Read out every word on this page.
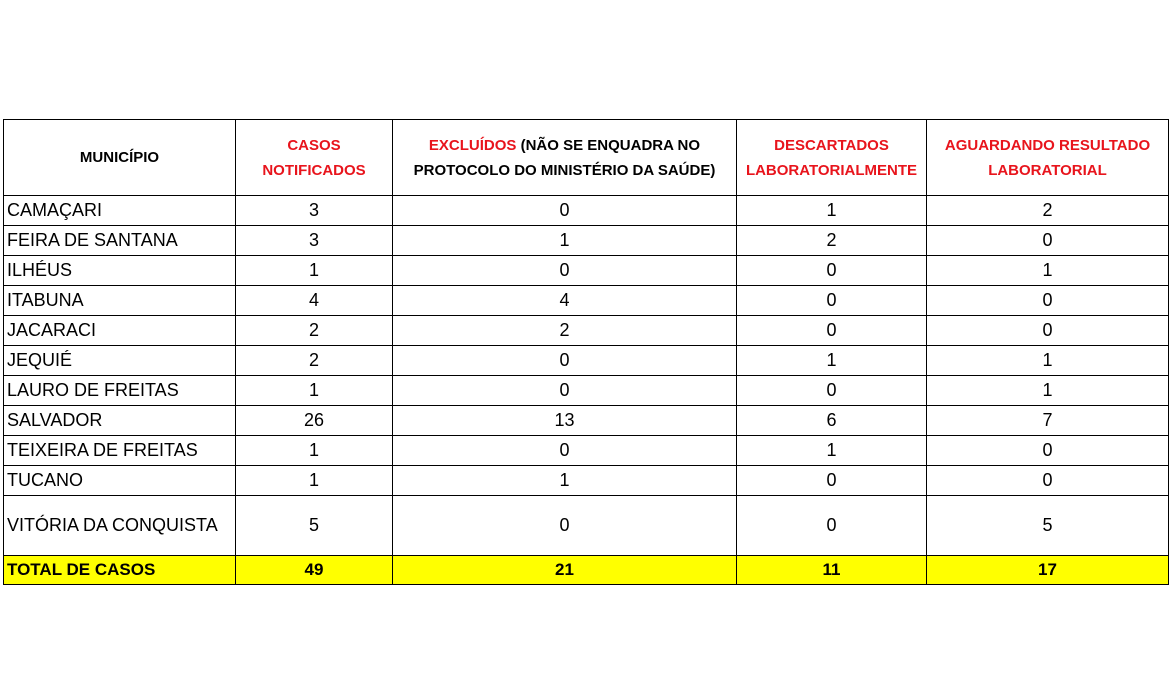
MUNICÍPIO	CASOS NOTIFICADOS	EXCLUÍDOS (NÃO SE ENQUADRA NO PROTOCOLO DO MINISTÉRIO DA SAÚDE)	DESCARTADOS LABORATORIALMENTE	AGUARDANDO RESULTADO LABORATORIAL
CAMAÇARI	3	0	1	2
FEIRA DE SANTANA	3	1	2	0
ILHÉUS	1	0	0	1
ITABUNA	4	4	0	0
JACARACI	2	2	0	0
JEQUIÉ	2	0	1	1
LAURO DE FREITAS	1	0	0	1
SALVADOR	26	13	6	7
TEIXEIRA DE FREITAS	1	0	1	0
TUCANO	1	1	0	0
VITÓRIA DA CONQUISTA	5	0	0	5
TOTAL DE CASOS	49	21	11	17
